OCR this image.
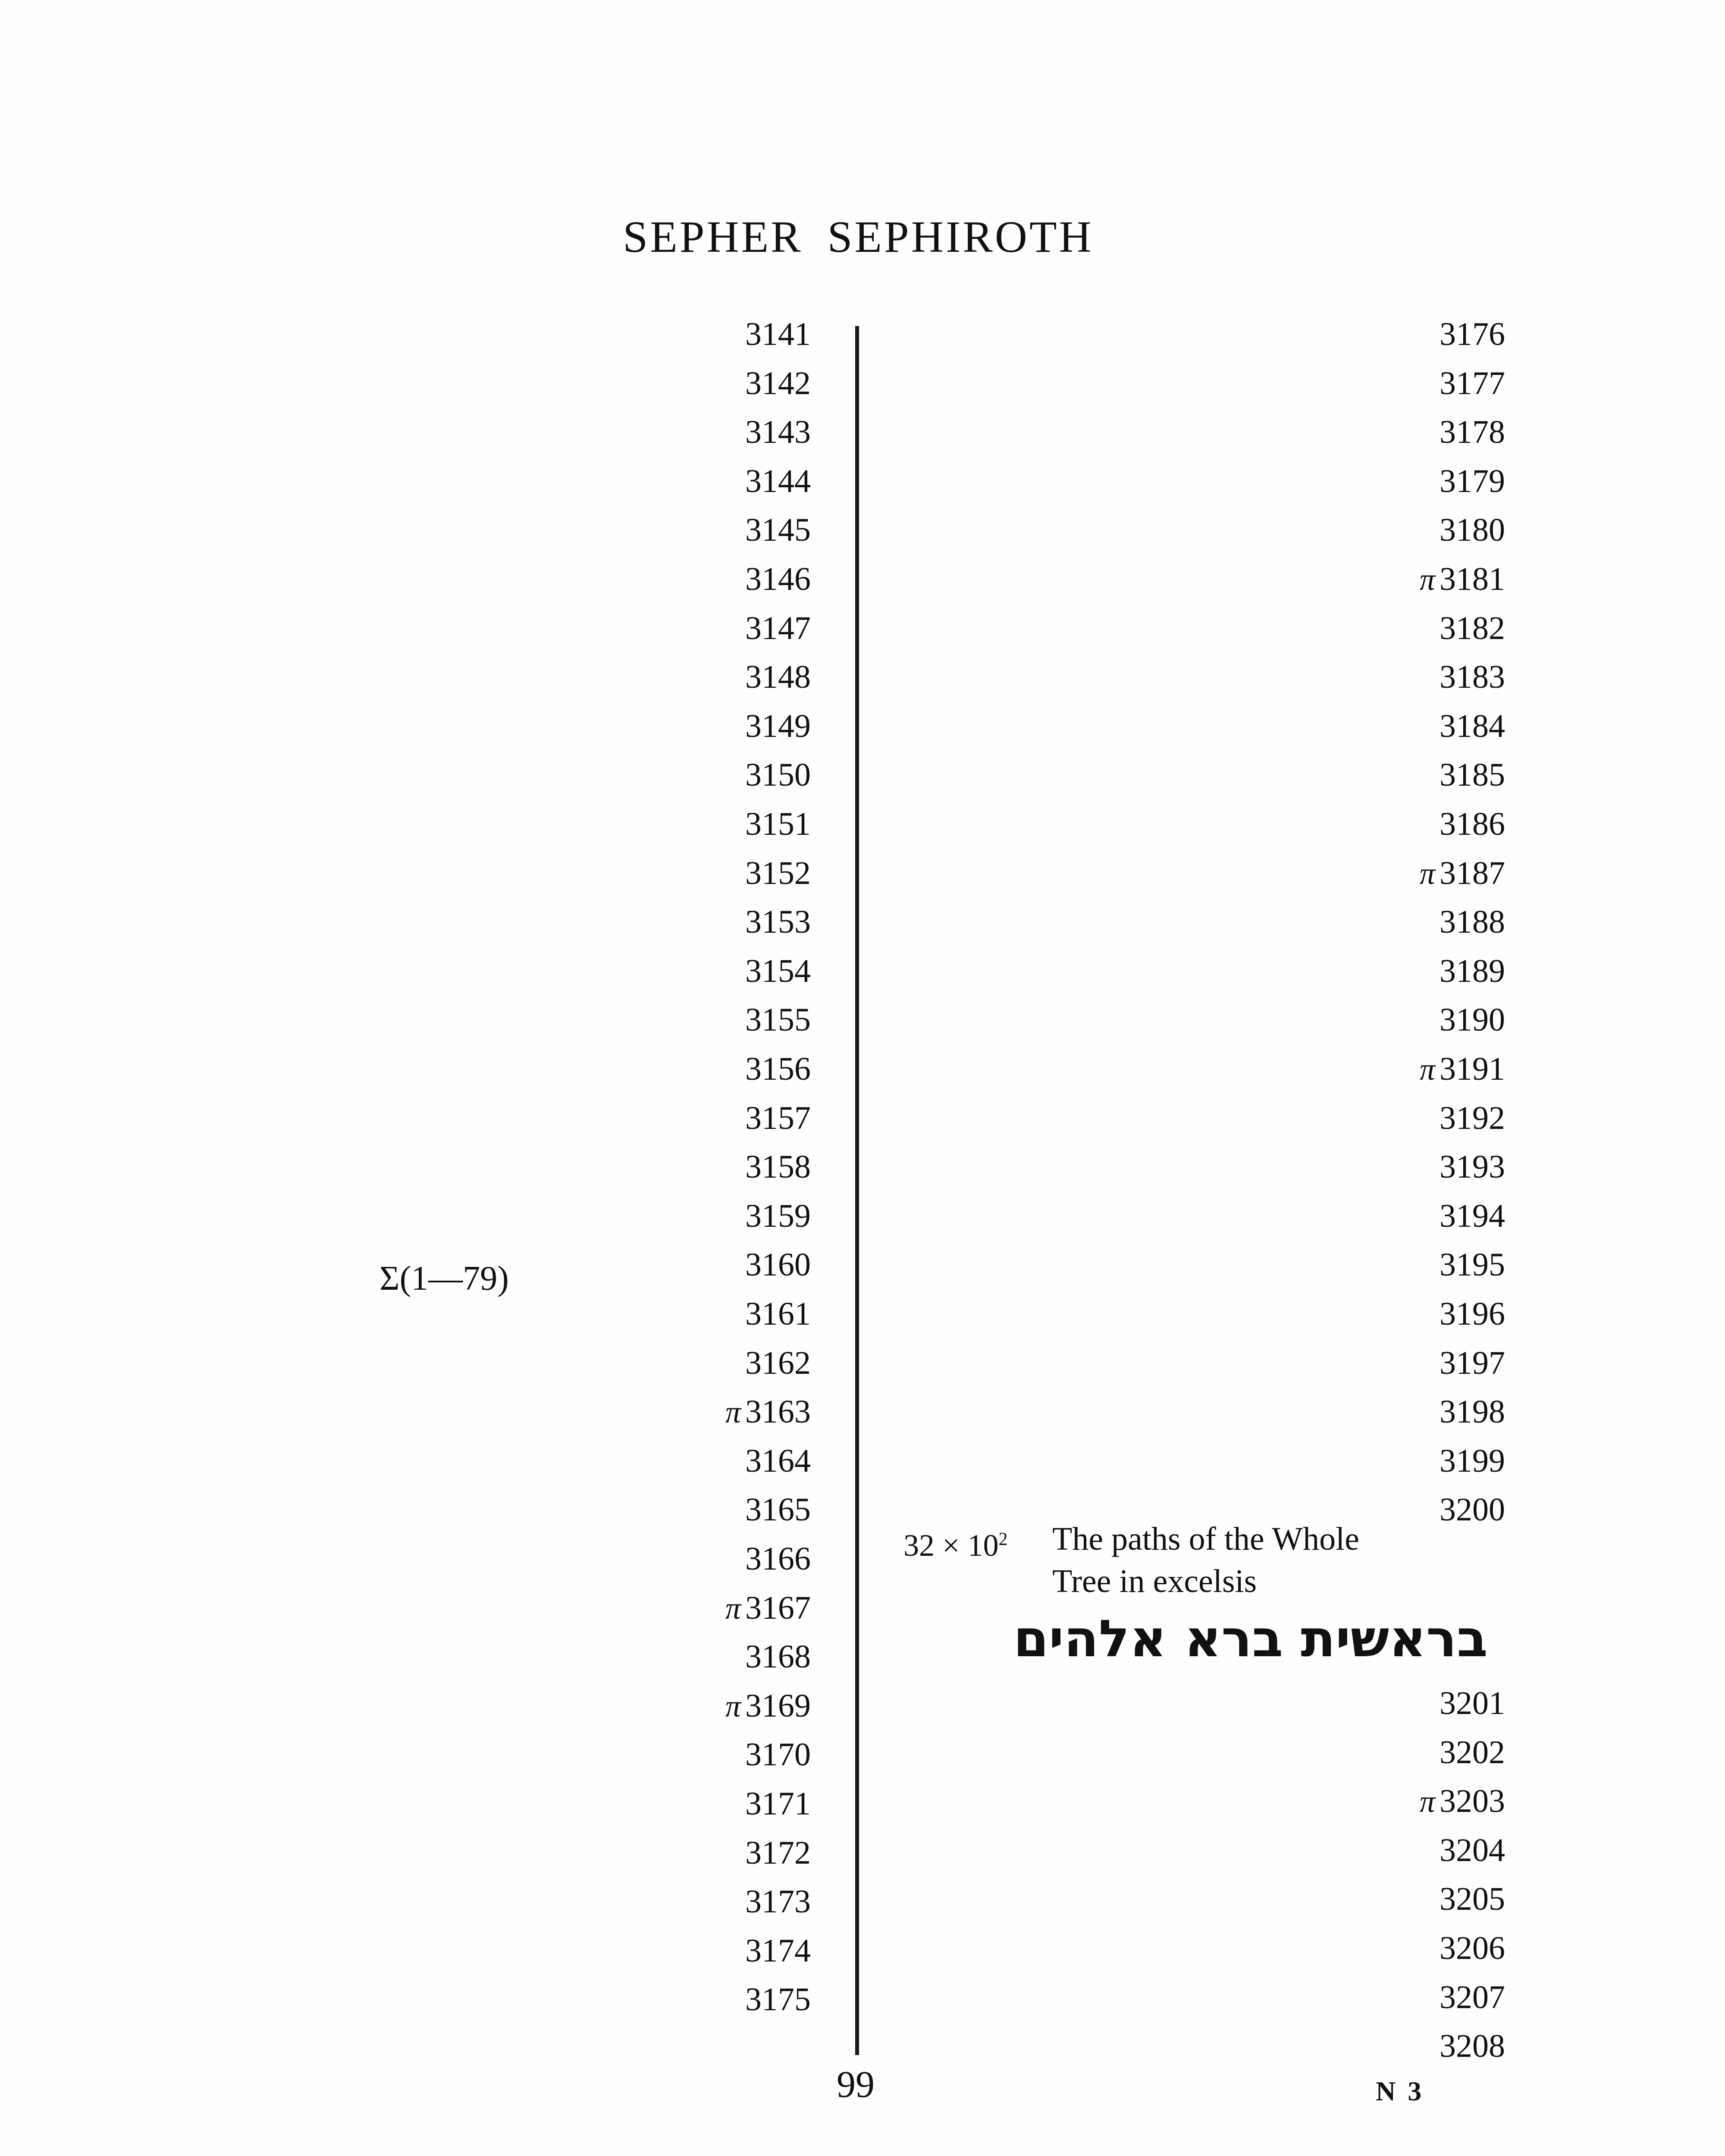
SEPHER SEPHIROTH
3141
3142
3143
3144
3145
3146
3147
3148
3149
3150
3151
3152
3153
3154
3155
3156
3157
3158
3159
3160
3161
3162
π 3163
3164
3165
3166
π 3167
3168
π 3169
3170
3171
3172
3173
3174
3175
3176
3177
3178
3179
3180
π 3181
3182
3183
3184
3185
3186
π 3187
3188
3189
3190
π 3191
3192
3193
3194
3195
3196
3197
3198
3199
3200
3201
3202
π 3203
3204
3205
3206
3207
3208
Σ(1—79)
$32 \times 10^2$ The paths of the Whole
Tree in excelsis
בראשית ברא אלהים
99	N 3
